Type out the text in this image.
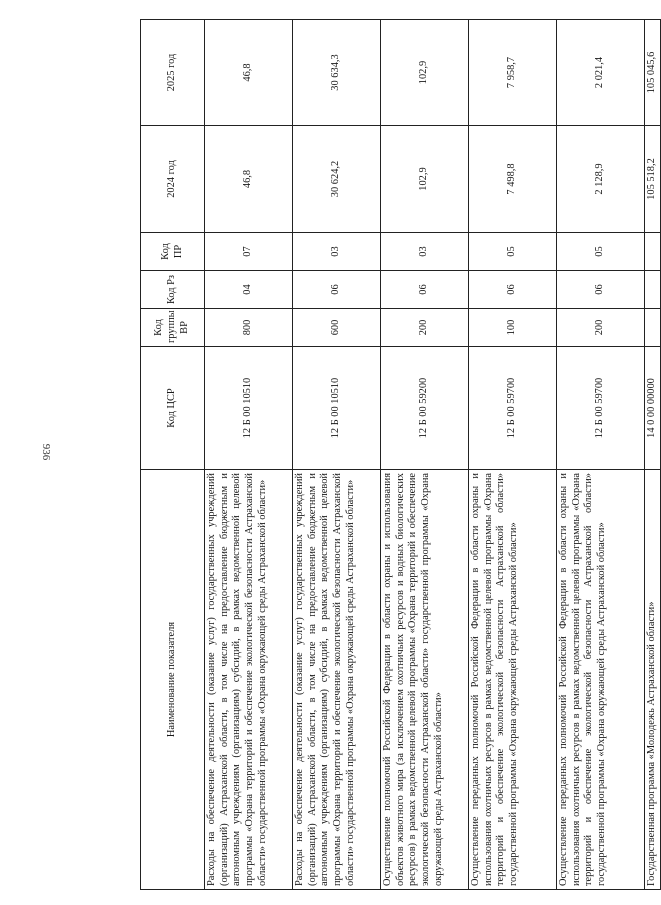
936
Наименование показателя	Код ЦСР	Код группы ВР	Код Рз	Код ПР	2024 год	2025 год
Расходы на обеспечение деятельности (оказание услуг) государственных учреждений (организаций) Астраханской области, в том числе на предоставление бюджетным и автономным учреждениям (организациям) субсидий, в рамках ведомственной целевой программы «Охрана территорий и обеспечение экологической безопасности Астраханской области» государственной программы «Охрана окружающей среды Астраханской области»	12 Б 00 10510	800	04	07	46,8	46,8
Расходы на обеспечение деятельности (оказание услуг) государственных учреждений (организаций) Астраханской области, в том числе на предоставление бюджетным и автономным учреждениям (организациям) субсидий, в рамках ведомственной целевой программы «Охрана территорий и обеспечение экологической безопасности Астраханской области» государственной программы «Охрана окружающей среды Астраханской области»	12 Б 00 10510	600	06	03	30 624,2	30 634,3
Осуществление полномочий Российской Федерации в области охраны и использования объектов животного мира (за исключением охотничьих ресурсов и водных биологических ресурсов) в рамках ведомственной целевой программы «Охрана территорий и обеспечение экологической безопасности Астраханской области» государственной программы «Охрана окружающей среды Астраханской области»	12 Б 00 59200	200	06	03	102,9	102,9
Осуществление переданных полномочий Российской Федерации в области охраны и использования охотничьих ресурсов в рамках ведомственной целевой программы «Охрана территорий и обеспечение экологической безопасности Астраханской области» государственной программы «Охрана окружающей среды Астраханской области»	12 Б 00 59700	100	06	05	7 498,8	7 958,7
Осуществление переданных полномочий Российской Федерации в области охраны и использования охотничьих ресурсов в рамках ведомственной целевой программы «Охрана территорий и обеспечение экологической безопасности Астраханской области» государственной программы «Охрана окружающей среды Астраханской области»	12 Б 00 59700	200	06	05	2 128,9	2 021,4
Государственная программа «Молодежь Астраханской области»	14 0 00 00000				105 518,2	105 045,6
